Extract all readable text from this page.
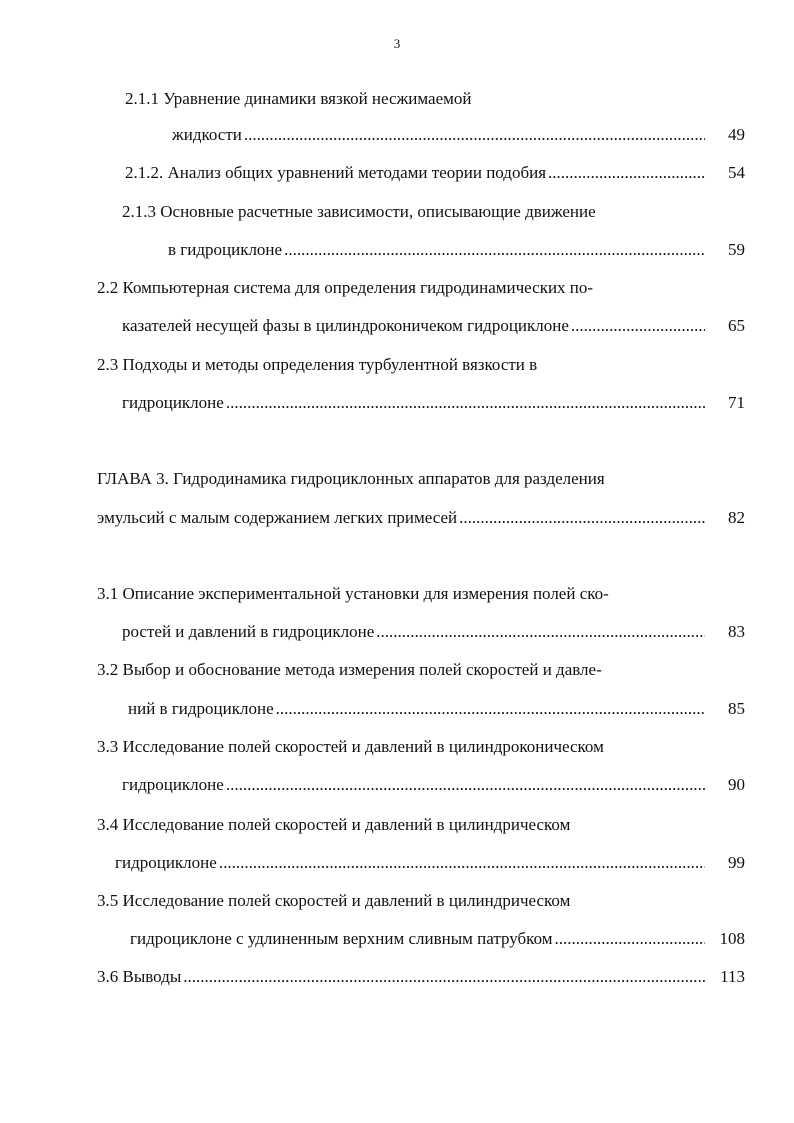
3
2.1.1 Уравнение динамики вязкой несжимаемой
жидкости .....	49
2.1.2. Анализ общих уравнений методами теории подобия .....	54
2.1.3 Основные расчетные зависимости, описывающие движение
в гидроциклоне .....	59
2.2 Компьютерная система для определения гидродинамических по-
казателей несущей фазы в цилиндроконичеком гидроциклоне .....	65
2.3 Подходы и методы определения турбулентной вязкости в
гидроциклоне .....	71
ГЛАВА 3. Гидродинамика гидроциклонных аппаратов для разделения
эмульсий с малым содержанием легких примесей .....	82
3.1 Описание экспериментальной установки для измерения полей ско-
ростей и давлений в гидроциклоне .....	83
3.2 Выбор и обоснование метода измерения полей скоростей и давле-
ний в гидроциклоне .....	85
3.3 Исследование полей скоростей и давлений в цилиндроконическом
гидроциклоне .....	90
3.4 Исследование полей скоростей и давлений в цилиндрическом
гидроциклоне .....	99
3.5 Исследование полей скоростей и давлений в цилиндрическом
гидроциклоне с удлиненным верхним сливным патрубком .....	108
3.6 Выводы .....	113
